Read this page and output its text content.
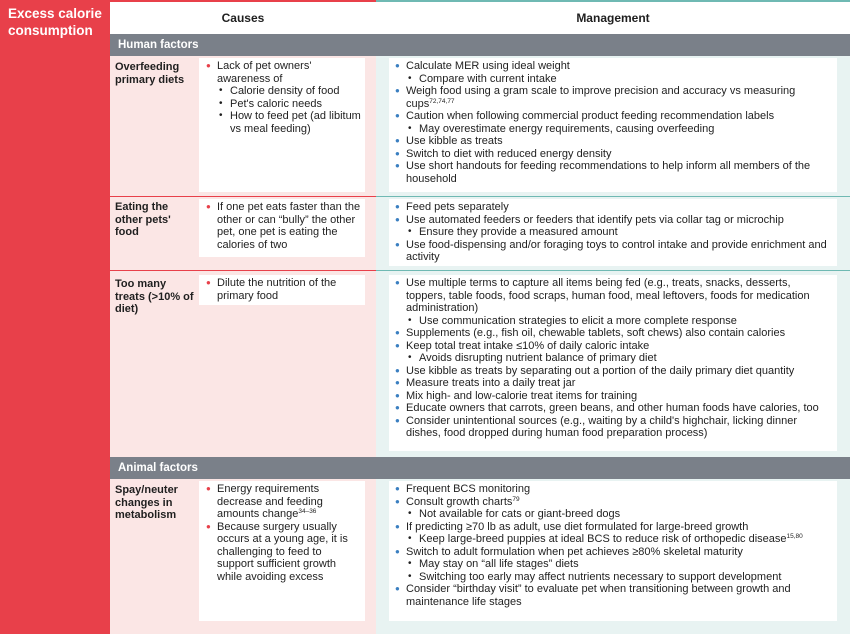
Excess calorie consumption
Causes	Management
Human factors
Overfeeding primary diets
● Lack of pet owners' awareness of
• Calorie density of food
• Pet's caloric needs
• How to feed pet (ad libitum vs meal feeding)
● Calculate MER using ideal weight
• Compare with current intake
● Weigh food using a gram scale to improve precision and accuracy vs measuring cups$^{72,74,77}$
● Caution when following commercial product feeding recommendation labels
• May overestimate energy requirements, causing overfeeding
● Use kibble as treats
● Switch to diet with reduced energy density
● Use short handouts for feeding recommendations to help inform all members of the household
Eating the other pets' food
● If one pet eats faster than the other or can “bully” the other pet, one pet is eating the calories of two
● Feed pets separately
● Use automated feeders or feeders that identify pets via collar tag or microchip
• Ensure they provide a measured amount
● Use food-dispensing and/or foraging toys to control intake and provide enrichment and activity
Too many treats (>10% of diet)
● Dilute the nutrition of the primary food
● Use multiple terms to capture all items being fed (e.g., treats, snacks, desserts, toppers, table foods, food scraps, human food, meal leftovers, foods for medication administration)
• Use communication strategies to elicit a more complete response
● Supplements (e.g., fish oil, chewable tablets, soft chews) also contain calories
● Keep total treat intake ≤10% of daily caloric intake
• Avoids disrupting nutrient balance of primary diet
● Use kibble as treats by separating out a portion of the daily primary diet quantity
● Measure treats into a daily treat jar
● Mix high- and low-calorie treat items for training
● Educate owners that carrots, green beans, and other human foods have calories, too
● Consider unintentional sources (e.g., waiting by a child's highchair, licking dinner dishes, food dropped during human food preparation process)
Animal factors
Spay/neuter changes in metabolism
● Energy requirements decrease and feeding amounts change$^{34-36}$
● Because surgery usually occurs at a young age, it is challenging to feed to support sufficient growth while avoiding excess
● Frequent BCS monitoring
● Consult growth charts$^{79}$
• Not available for cats or giant-breed dogs
● If predicting ≥70 lb as adult, use diet formulated for large-breed growth
• Keep large-breed puppies at ideal BCS to reduce risk of orthopedic disease$^{15,80}$
● Switch to adult formulation when pet achieves ≥80% skeletal maturity
• May stay on “all life stages” diets
• Switching too early may affect nutrients necessary to support development
● Consider “birthday visit” to evaluate pet when transitioning between growth and maintenance life stages
